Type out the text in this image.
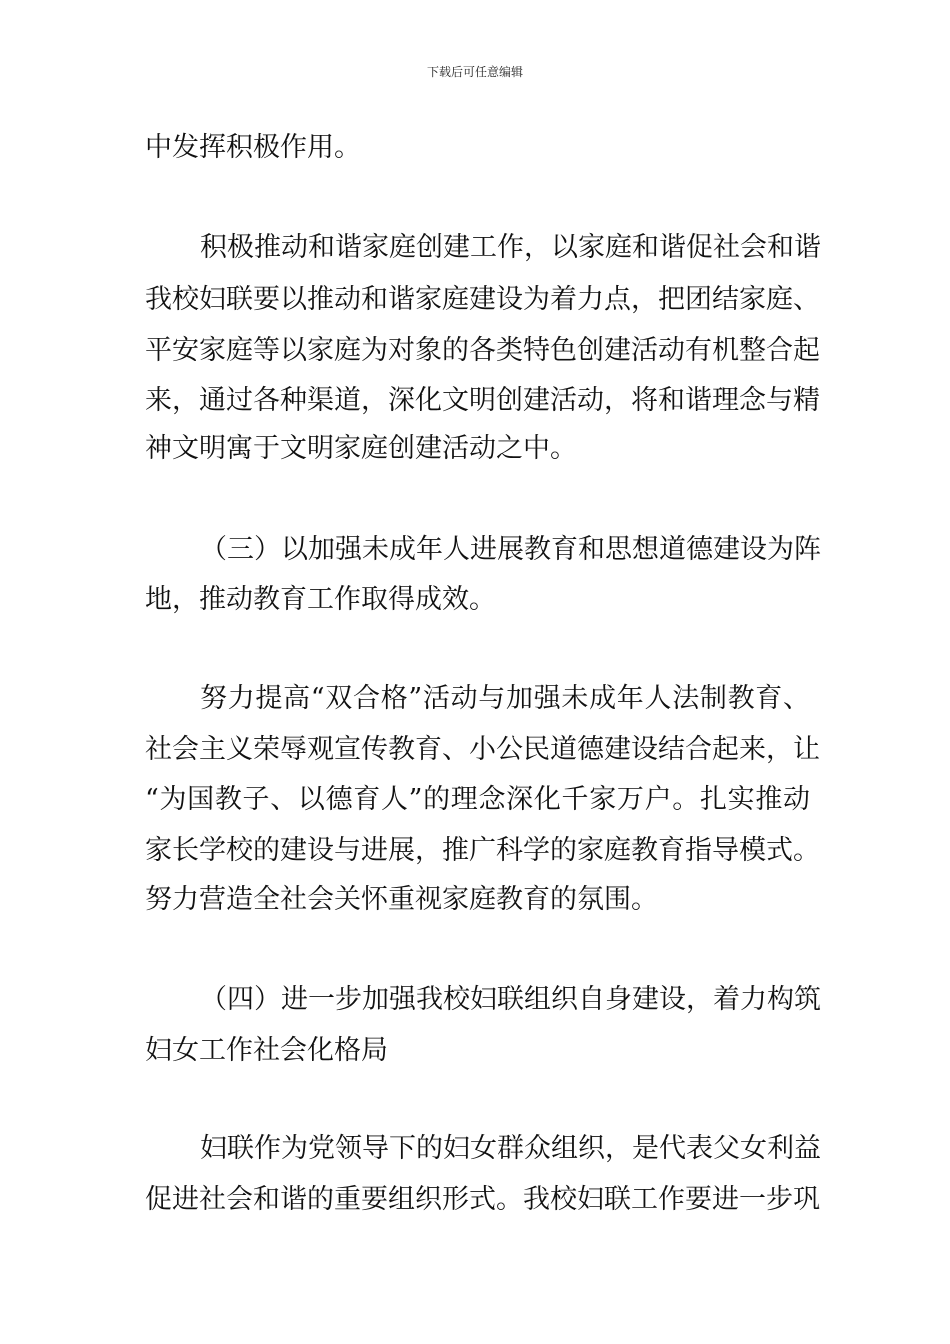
下载后可任意编辑
中发挥积极作用。
积极推动和谐家庭创建工作，以家庭和谐促社会和谐
我校妇联要以推动和谐家庭建设为着力点，把团结家庭、
平安家庭等以家庭为对象的各类特色创建活动有机整合起
来，通过各种渠道，深化文明创建活动，将和谐理念与精
神文明寓于文明家庭创建活动之中。
（三）以加强未成年人进展教育和思想道德建设为阵
地，推动教育工作取得成效。
努力提高“双合格”活动与加强未成年人法制教育、
社会主义荣辱观宣传教育、小公民道德建设结合起来，让
“为国教子、以德育人”的理念深化千家万户。扎实推动
家长学校的建设与进展，推广科学的家庭教育指导模式。
努力营造全社会关怀重视家庭教育的氛围。
（四）进一步加强我校妇联组织自身建设，着力构筑
妇女工作社会化格局
妇联作为党领导下的妇女群众组织，是代表父女利益
促进社会和谐的重要组织形式。我校妇联工作要进一步巩
